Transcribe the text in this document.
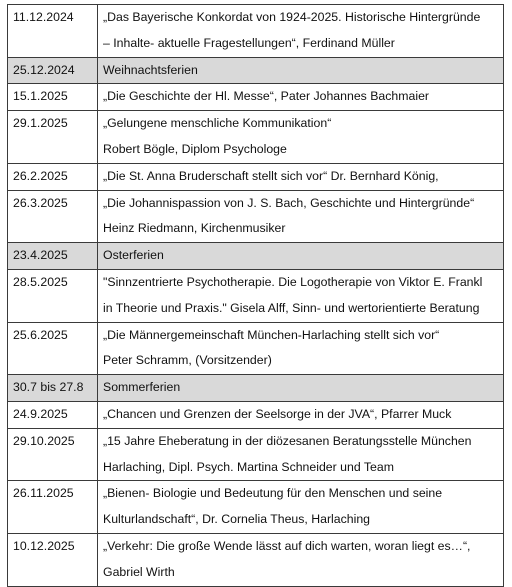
11.12.2024	„Das Bayerische Konkordat von 1924-2025. Historische Hintergründe
– Inhalte- aktuelle Fragestellungen“, Ferdinand Müller

25.12.2024	Weihnachtsferien

15.1.2025	„Die Geschichte der Hl. Messe“, Pater Johannes Bachmaier

29.1.2025	„Gelungene menschliche Kommunikation“
Robert Bögle, Diplom Psychologe

26.2.2025	„Die St. Anna Bruderschaft stellt sich vor“ Dr. Bernhard König,

26.3.2025	„Die Johannispassion von J. S. Bach, Geschichte und Hintergründe“
Heinz Riedmann, Kirchenmusiker

23.4.2025	Osterferien

28.5.2025	"Sinnzentrierte Psychotherapie. Die Logotherapie von Viktor E. Frankl
in Theorie und Praxis." Gisela Alff, Sinn- und wertorientierte Beratung

25.6.2025	„Die Männergemeinschaft München-Harlaching stellt sich vor“
Peter Schramm, (Vorsitzender)

30.7 bis 27.8	Sommerferien

24.9.2025	„Chancen und Grenzen der Seelsorge in der JVA“, Pfarrer Muck

29.10.2025	„15 Jahre Eheberatung in der diözesanen Beratungsstelle München
Harlaching, Dipl. Psych. Martina Schneider und Team

26.11.2025	„Bienen- Biologie und Bedeutung für den Menschen und seine
Kulturlandschaft“, Dr. Cornelia Theus, Harlaching

10.12.2025	„Verkehr: Die große Wende lässt auf dich warten, woran liegt es…“,
Gabriel Wirth
